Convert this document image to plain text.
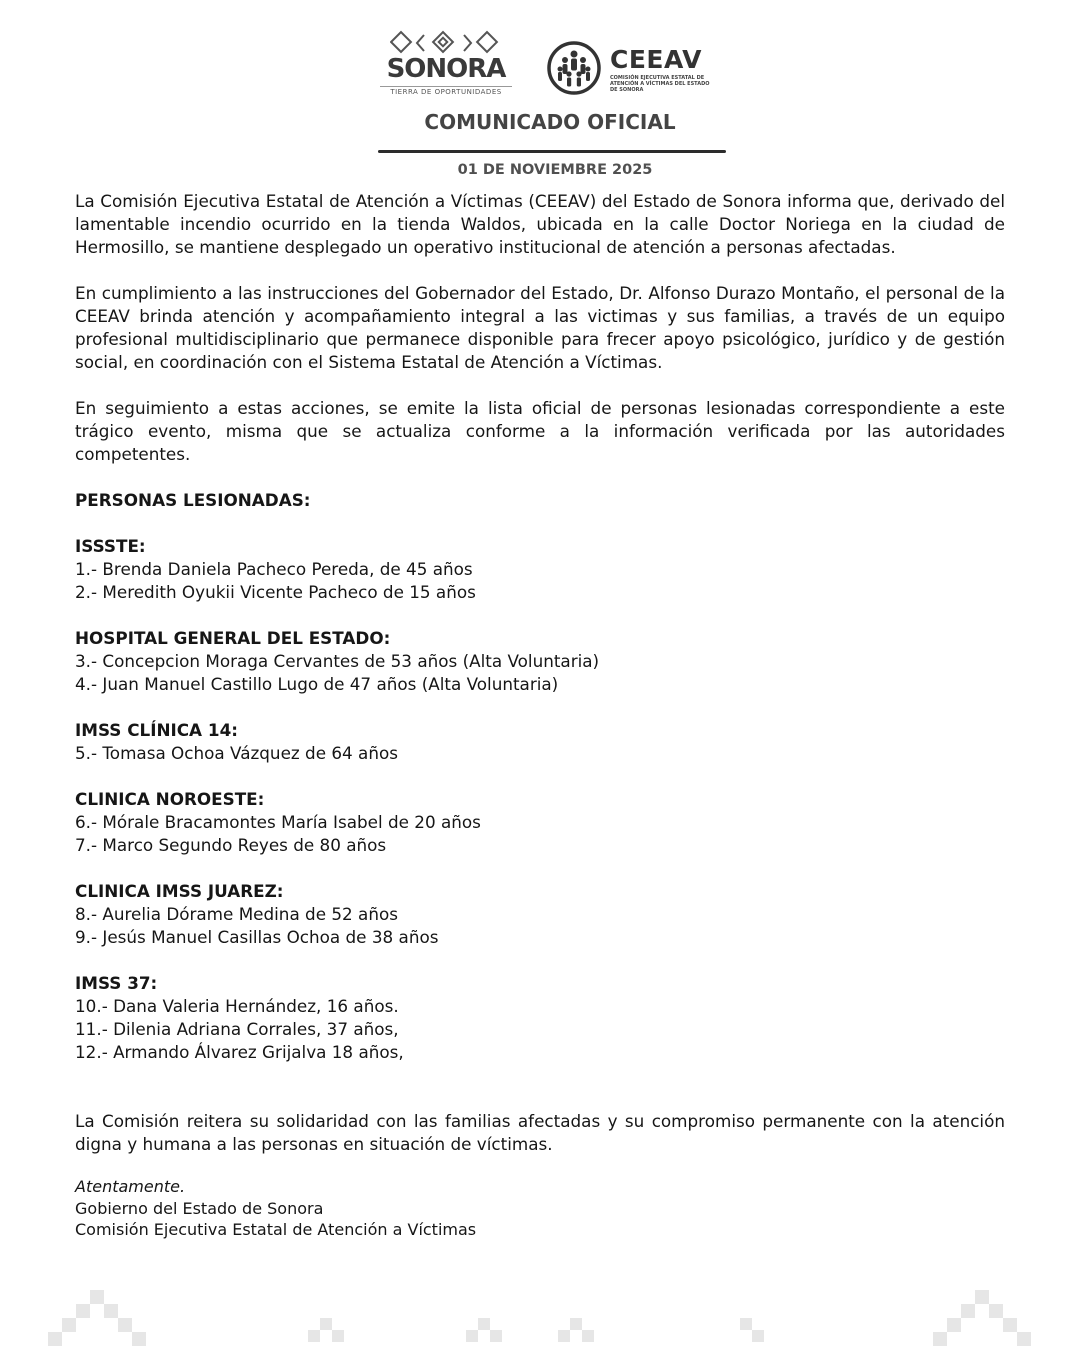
SONORA
TIERRA DE OPORTUNIDADES
CEEAV
COMISIÓN EJECUTIVA ESTATAL DE ATENCIÓN A VÍCTIMAS DEL ESTADO DE SONORA
COMUNICADO OFICIAL
01 DE NOVIEMBRE 2025

La Comisión Ejecutiva Estatal de Atención a Víctimas (CEEAV) del Estado de Sonora informa que, derivado del lamentable incendio ocurrido en la tienda Waldos, ubicada en la calle Doctor Noriega en la ciudad de Hermosillo, se mantiene desplegado un operativo institucional de atención a personas afectadas.

En cumplimiento a las instrucciones del Gobernador del Estado, Dr. Alfonso Durazo Montaño, el personal de la CEEAV brinda atención y acompañamiento integral a las victimas y sus familias, a través de un equipo profesional multidisciplinario que permanece disponible para frecer apoyo psicológico, jurídico y de gestión social, en coordinación con el Sistema Estatal de Atención a Víctimas.

En seguimiento a estas acciones, se emite la lista oficial de personas lesionadas correspondiente a este trágico evento, misma que se actualiza conforme a la información verificada por las autoridades competentes.

PERSONAS LESIONADAS:

ISSSTE:

1.- Brenda Daniela Pacheco Pereda, de 45 años

2.- Meredith Oyukii Vicente Pacheco de 15 años

HOSPITAL GENERAL DEL ESTADO:

3.- Concepcion Moraga Cervantes de 53 años (Alta Voluntaria)

4.- Juan Manuel Castillo Lugo de 47 años (Alta Voluntaria)

IMSS CLÍNICA 14:

5.- Tomasa Ochoa Vázquez de 64 años

CLINICA NOROESTE:

6.- Mórale Bracamontes María Isabel de 20 años

7.- Marco Segundo Reyes de 80 años

CLINICA IMSS JUAREZ:

8.- Aurelia Dórame Medina de 52 años

9.- Jesús Manuel Casillas Ochoa de 38 años

IMSS 37:

10.- Dana Valeria Hernández, 16 años.

11.- Dilenia Adriana Corrales, 37 años,

12.- Armando Álvarez Grijalva 18 años,

La Comisión reitera su solidaridad con las familias afectadas y su compromiso permanente con la atención digna y humana a las personas en situación de víctimas.

Atentamente.

Gobierno del Estado de Sonora

Comisión Ejecutiva Estatal de Atención a Víctimas
